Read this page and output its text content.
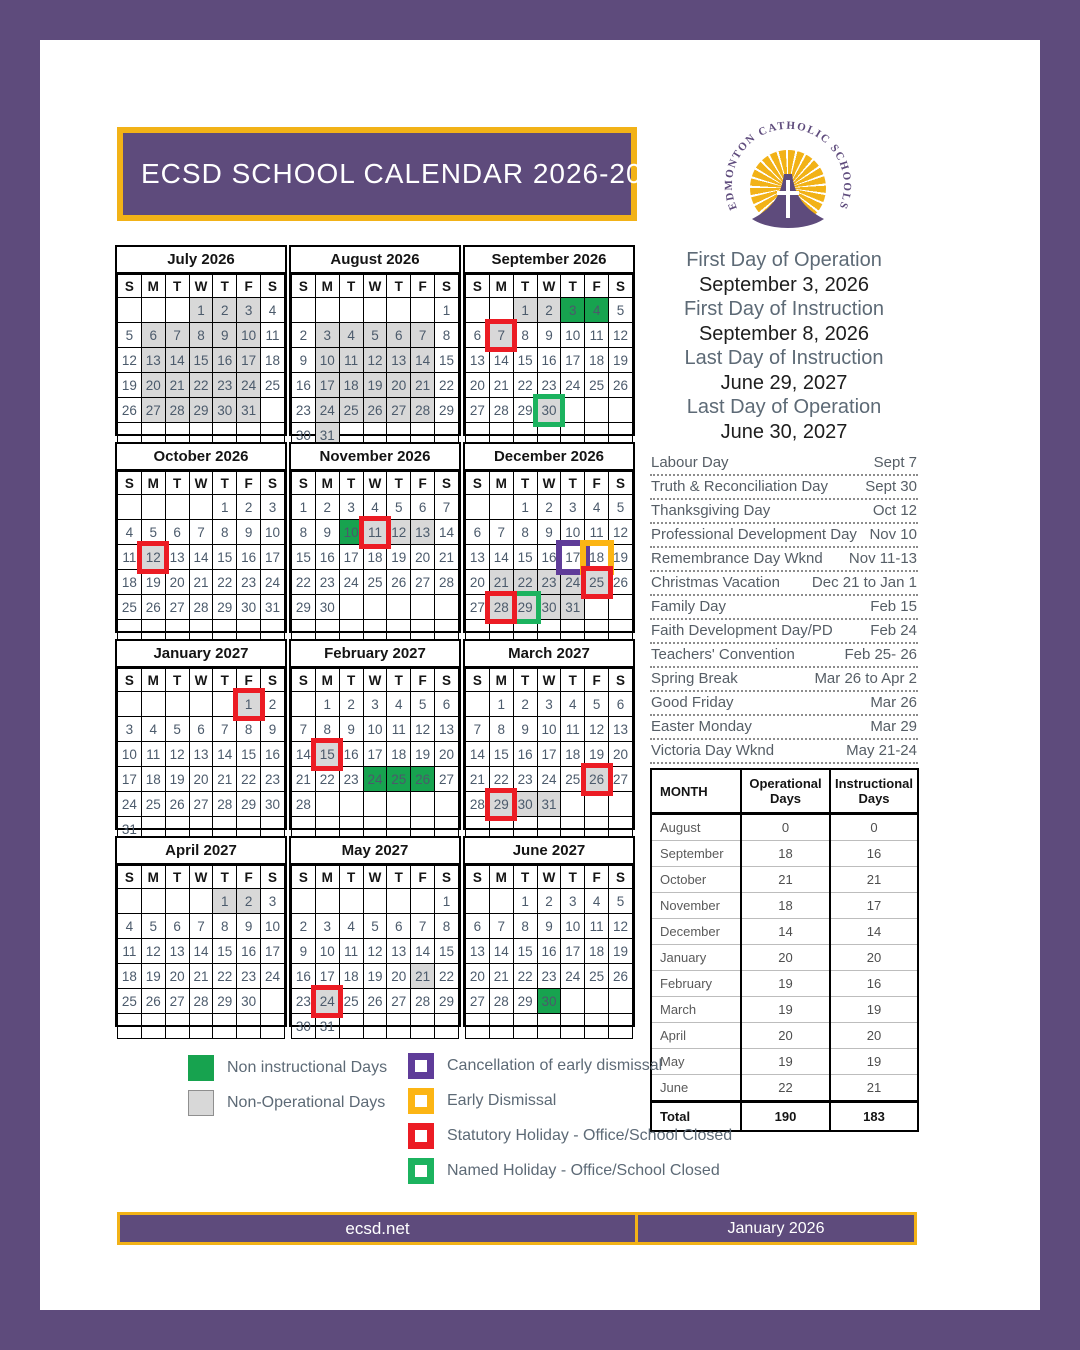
ECSD SCHOOL CALENDAR 2026-2027
EDMONTON CATHOLIC SCHOOLS
July 2026
S	M	T	W	T	F	S
			1	2	3	4
5	6	7	8	9	10	11
12	13	14	15	16	17	18
19	20	21	22	23	24	25
26	27	28	29	30	31	

August 2026
S	M	T	W	T	F	S
						1
2	3	4	5	6	7	8
9	10	11	12	13	14	15
16	17	18	19	20	21	22
23	24	25	26	27	28	29
30	31					
September 2026
S	M	T	W	T	F	S
		1	2	3	4	5
6	7	8	9	10	11	12
13	14	15	16	17	18	19
20	21	22	23	24	25	26
27	28	29	30			

October 2026
S	M	T	W	T	F	S
				1	2	3
4	5	6	7	8	9	10
11	12	13	14	15	16	17
18	19	20	21	22	23	24
25	26	27	28	29	30	31

November 2026
S	M	T	W	T	F	S
1	2	3	4	5	6	7
8	9	10	11	12	13	14
15	16	17	18	19	20	21
22	23	24	25	26	27	28
29	30					

December 2026
S	M	T	W	T	F	S
		1	2	3	4	5
6	7	8	9	10	11	12
13	14	15	16	17	18	19
20	21	22	23	24	25	26
27	28	29	30	31		

January 2027
S	M	T	W	T	F	S
					1	2
3	4	5	6	7	8	9
10	11	12	13	14	15	16
17	18	19	20	21	22	23
24	25	26	27	28	29	30
31						
February 2027
S	M	T	W	T	F	S
	1	2	3	4	5	6
7	8	9	10	11	12	13
14	15	16	17	18	19	20
21	22	23	24	25	26	27
28						

March 2027
S	M	T	W	T	F	S
	1	2	3	4	5	6
7	8	9	10	11	12	13
14	15	16	17	18	19	20
21	22	23	24	25	26	27
28	29	30	31			

April 2027
S	M	T	W	T	F	S
				1	2	3
4	5	6	7	8	9	10
11	12	13	14	15	16	17
18	19	20	21	22	23	24
25	26	27	28	29	30	

May 2027
S	M	T	W	T	F	S
						1
2	3	4	5	6	7	8
9	10	11	12	13	14	15
16	17	18	19	20	21	22
23	24	25	26	27	28	29
30	31					
June 2027
S	M	T	W	T	F	S
		1	2	3	4	5
6	7	8	9	10	11	12
13	14	15	16	17	18	19
20	21	22	23	24	25	26
27	28	29	30			

First Day of Operation
September 3, 2026
First Day of Instruction
September 8, 2026
Last Day of Instruction
June 29, 2027
Last Day of Operation
June 30, 2027
Labour Day	Sept 7
Truth & Reconciliation Day Sept 30
Thanksgiving Day	Oct 12
Professional Development Day Nov 10
Remembrance Day Wknd Nov 11-13
Christmas Vacation Dec 21 to Jan 1
Family Day	Feb 15
Faith Development Day/PD	Feb 24
Teachers' Convention	Feb 25- 26
Spring Break	Mar 26 to Apr 2
Good Friday	Mar 26
Easter Monday	Mar 29
Victoria Day Wknd	May 21-24
MONTH	Operational Days	Instructional Days
August	0	0
September	18	16
October	21	21
November	18	17
December	14	14
January	20	20
February	19	16
March	19	19
April	20	20
May	19	19
June	22	21
Total	190	183
Non instructional Days
Non-Operational Days
Cancellation of early dismissal
Early Dismissal
Statutory Holiday - Office/School Closed
Named Holiday - Office/School Closed
ecsd.net	January 2026
